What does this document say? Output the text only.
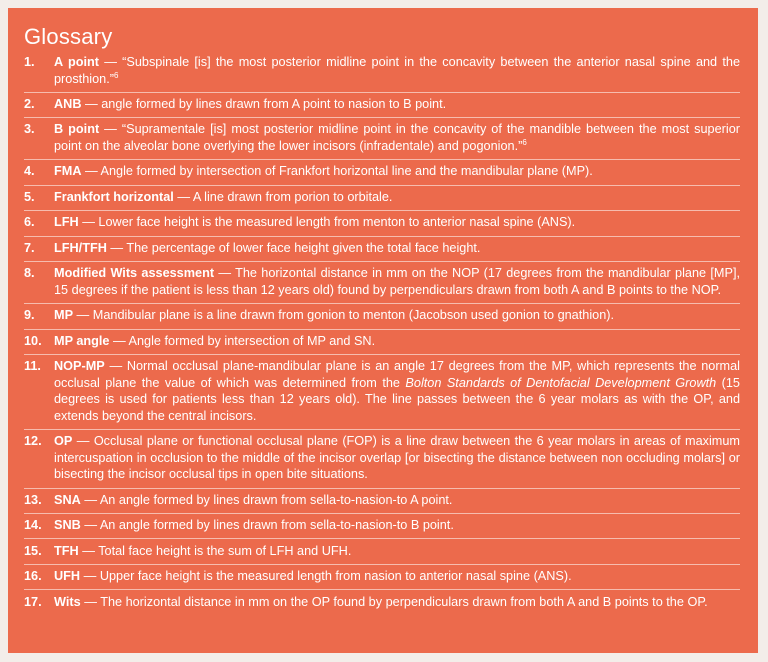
Glossary
1. A point — “Subspinale [is] the most posterior midline point in the concavity between the anterior nasal spine and the prosthion.”$^6$
2. ANB — angle formed by lines drawn from A point to nasion to B point.
3. B point — “Supramentale [is] most posterior midline point in the concavity of the mandible between the most superior point on the alveolar bone overlying the lower incisors (infradentale) and pogonion.”$^6$
4. FMA — Angle formed by intersection of Frankfort horizontal line and the mandibular plane (MP).
5. Frankfort horizontal — A line drawn from porion to orbitale.
6. LFH — Lower face height is the measured length from menton to anterior nasal spine (ANS).
7. LFH/TFH — The percentage of lower face height given the total face height.
8. Modified Wits assessment — The horizontal distance in mm on the NOP (17 degrees from the mandibular plane [MP], 15 degrees if the patient is less than 12 years old) found by perpendiculars drawn from both A and B points to the NOP.
9. MP — Mandibular plane is a line drawn from gonion to menton (Jacobson used gonion to gnathion).
10. MP angle — Angle formed by intersection of MP and SN.
11. NOP-MP — Normal occlusal plane-mandibular plane is an angle 17 degrees from the MP, which represents the normal occlusal plane the value of which was determined from the Bolton Standards of Dentofacial Development Growth (15 degrees is used for patients less than 12 years old). The line passes between the 6 year molars as with the OP, and extends beyond the central incisors.
12. OP — Occlusal plane or functional occlusal plane (FOP) is a line draw between the 6 year molars in areas of maximum intercuspation in occlusion to the middle of the incisor overlap [or bisecting the distance between non occluding molars] or bisecting the incisor occlusal tips in open bite situations.
13. SNA — An angle formed by lines drawn from sella-to-nasion-to A point.
14. SNB — An angle formed by lines drawn from sella-to-nasion-to B point.
15. TFH — Total face height is the sum of LFH and UFH.
16. UFH — Upper face height is the measured length from nasion to anterior nasal spine (ANS).
17. Wits — The horizontal distance in mm on the OP found by perpendiculars drawn from both A and B points to the OP.
